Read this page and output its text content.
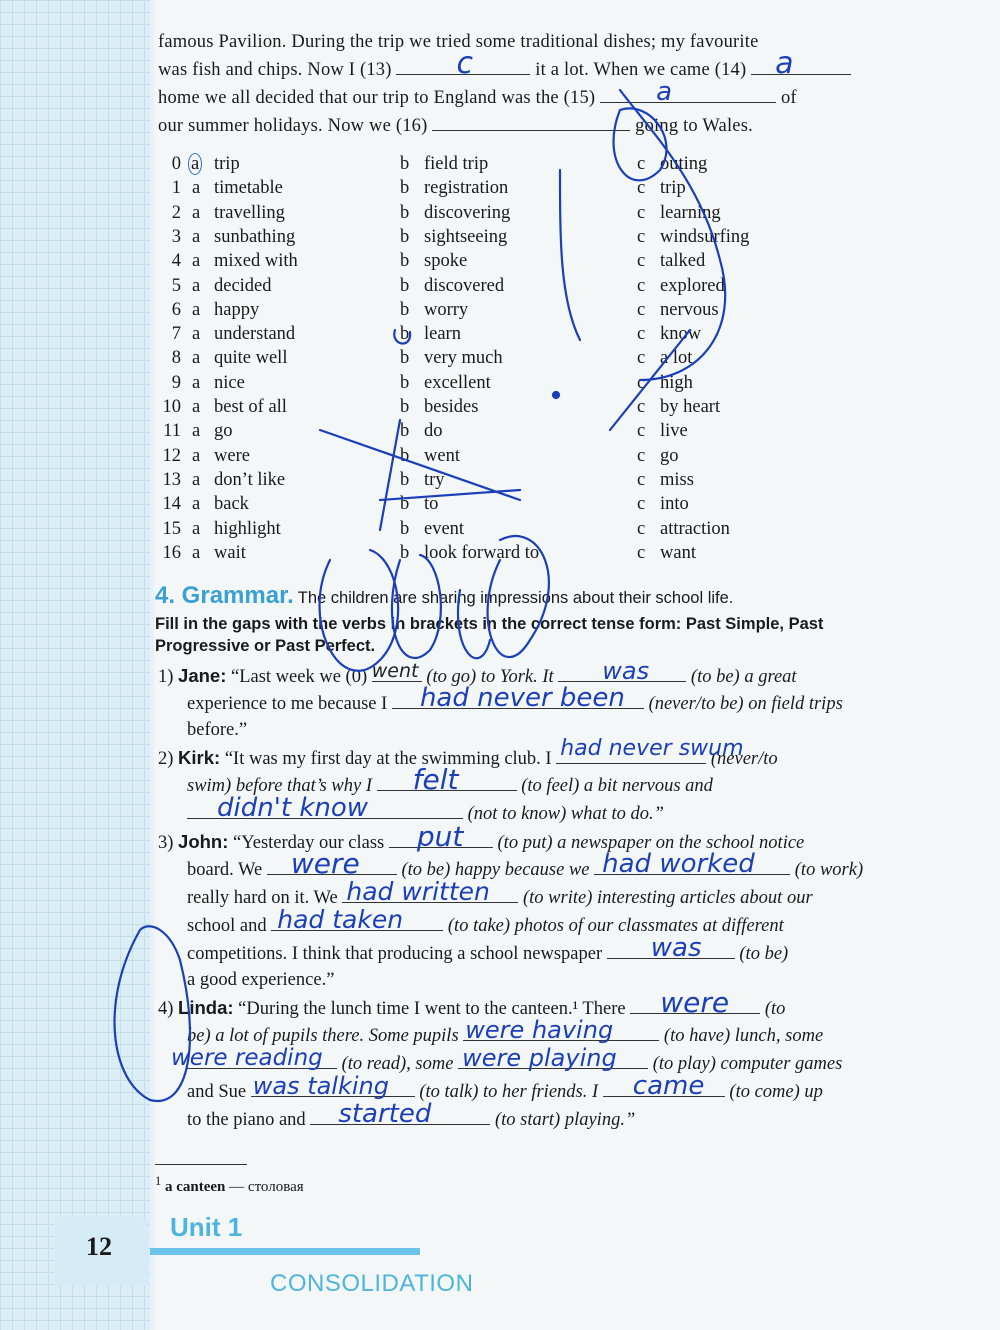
famous Pavilion. During the trip we tried some traditional dishes; my favourite
was fish and chips. Now I (13) c	it a lot. When we came (14) a
home we all decided that our trip to England was the (15) a	of
our summer holidays. Now we (16)	going to Wales.
0 a trip	b field trip	c outing
1 a timetable	b registration	c trip
2 a travelling	b discovering	c learning
3 a sunbathing	b sightseeing	c windsurfing
4 a mixed with	b spoke	c talked
5 a decided	b discovered	c explored
6 a happy	b worry	c nervous
7 a understand	b learn	c know
8 a quite well	b very much	c a lot
9 a nice	b excellent	c high
10 a best of all	b besides	c by heart
11 a go	b do	c live
12 a were	b went	c go
13 a don’t like	b try	c miss
14 a back	b to	c into
15 a highlight	b event	c attraction
16 a wait	b look forward to	c want
4. Grammar. The children are sharing impressions about their school life.
Fill in the gaps with the verbs in brackets in the correct tense form: Past Simple, Past
Progressive or Past Perfect.
1) Jane: “Last week we (0) went (to go) to York. It was (to be) a great
experience to me because I had never been (never/to be) on field trips
before.”
2) Kirk: “It was my first day at the swimming club. I had never swum
(never/to
swim) before that’s why I felt	(to feel) a bit nervous and
didn't know	(not to know) what to do.”
3) John: “Yesterday our class put (to put) a newspaper on the school notice
board. We were (to be) happy because we had worked (to work)
really hard on it. We had written (to write) interesting articles about our
school and had taken (to take) photos of our classmates at different
competitions. I think that producing a school newspaper was (to be)
a good experience.”
4) Linda: “During the lunch time I went to the canteen.¹ There were (to
be) a lot of pupils there. Some pupils were having	(to have) lunch, some
were reading (to read), some were playing (to play) computer games
and Sue was talking (to talk) to her friends. I came (to come) up
to the piano and started	(to start) playing.”
$^1$ a canteen — столовая
12
Unit 1
CONSOLIDATION
